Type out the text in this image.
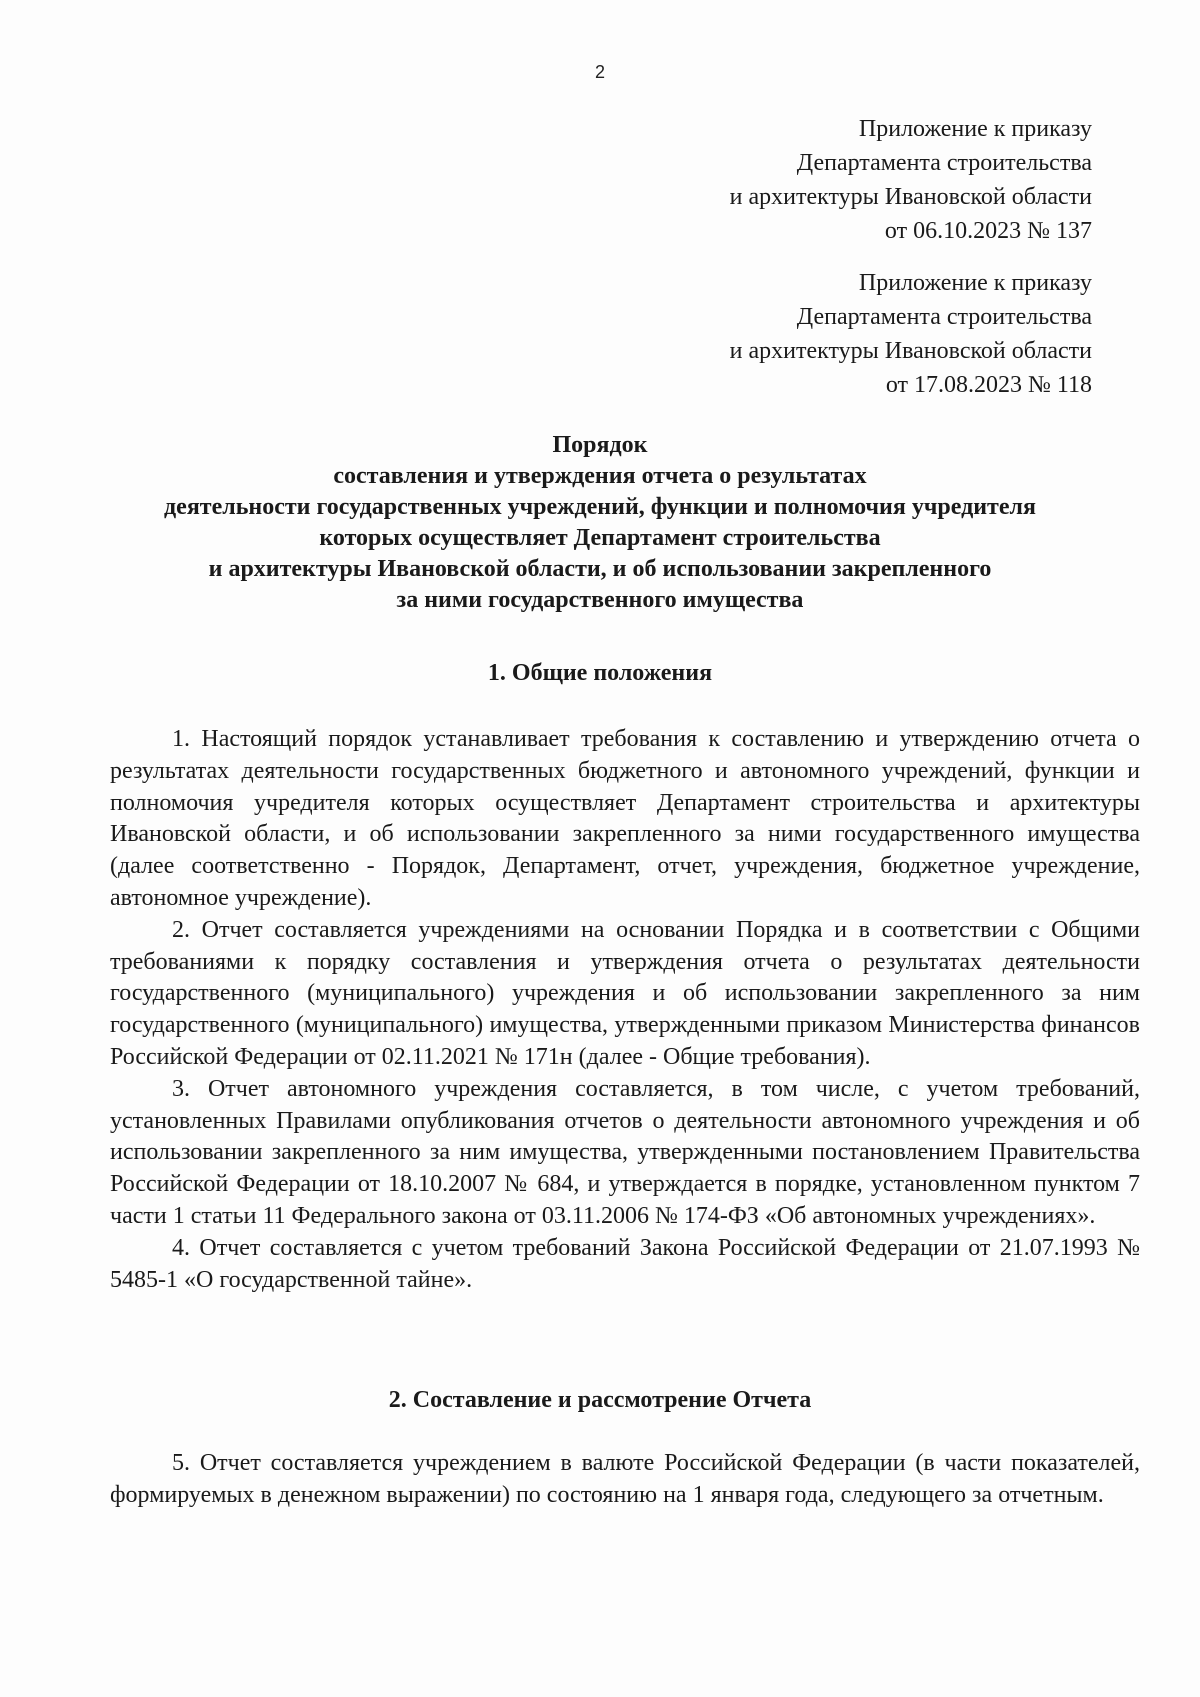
2
Приложение к приказу
Департамента строительства
и архитектуры Ивановской области
от 06.10.2023 № 137
Приложение к приказу
Департамента строительства
и архитектуры Ивановской области
от 17.08.2023 № 118
Порядок
составления и утверждения отчета о результатах
деятельности государственных учреждений, функции и полномочия учредителя
которых осуществляет Департамент строительства
и архитектуры Ивановской области, и об использовании закрепленного
за ними государственного имущества
1. Общие положения

1. Настоящий порядок устанавливает требования к составлению и утверждению отчета о результатах деятельности государственных бюджетного и автономного учреждений, функции и полномочия учредителя которых осуществляет Департамент строительства и архитектуры Ивановской области, и об использовании закрепленного за ними государственного имущества (далее соответственно - Порядок, Департамент, отчет, учреждения, бюджетное учреждение, автономное учреждение).

2. Отчет составляется учреждениями на основании Порядка и в соответствии с Общими требованиями к порядку составления и утверждения отчета о результатах деятельности государственного (муниципального) учреждения и об использовании закрепленного за ним государственного (муниципального) имущества, утвержденными приказом Министерства финансов Российской Федерации от 02.11.2021 № 171н (далее - Общие требования).

3. Отчет автономного учреждения составляется, в том числе, с учетом требований, установленных Правилами опубликования отчетов о деятельности автономного учреждения и об использовании закрепленного за ним имущества, утвержденными постановлением Правительства Российской Федерации от 18.10.2007 № 684, и утверждается в порядке, установленном пунктом 7 части 1 статьи 11 Федерального закона от 03.11.2006 № 174-ФЗ «Об автономных учреждениях».

4. Отчет составляется с учетом требований Закона Российской Федерации от 21.07.1993 № 5485-1 «О государственной тайне».

2. Составление и рассмотрение Отчета

5. Отчет составляется учреждением в валюте Российской Федерации (в части показателей, формируемых в денежном выражении) по состоянию на 1 января года, следующего за отчетным.
